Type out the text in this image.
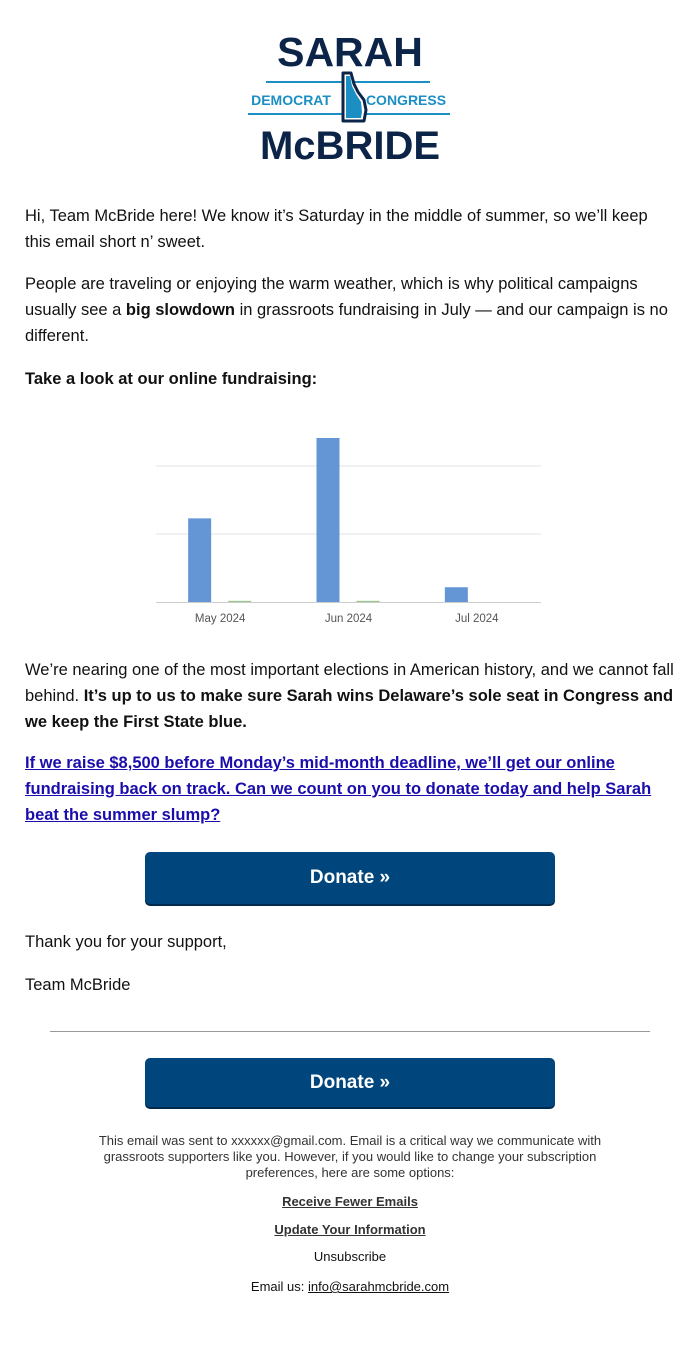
SARAH
DEMOCRAT	CONGRESS
McBRIDE

Hi, Team McBride here! We know it’s Saturday in the middle of summer, so we’ll keep this email short n’ sweet.

People are traveling or enjoying the warm weather, which is why political campaigns usually see a big slowdown in grassroots fundraising in July — and our campaign is no different.

Take a look at our online fundraising:

May 2024	Jun 2024	Jul 2024

We’re nearing one of the most important elections in American history, and we cannot fall behind. It’s up to us to make sure Sarah wins Delaware’s sole seat in Congress and we keep the First State blue.

If we raise $8,500 before Monday’s mid-month deadline, we’ll get our online fundraising back on track. Can we count on you to donate today and help Sarah beat the summer slump?

Donate »

Thank you for your support,

Team McBride

Donate »

This email was sent to xxxxxx@gmail.com. Email is a critical way we communicate with grassroots supporters like you. However, if you would like to change your subscription preferences, here are some options:

Receive Fewer Emails

Update Your Information

Unsubscribe

Email us: info@sarahmcbride.com
